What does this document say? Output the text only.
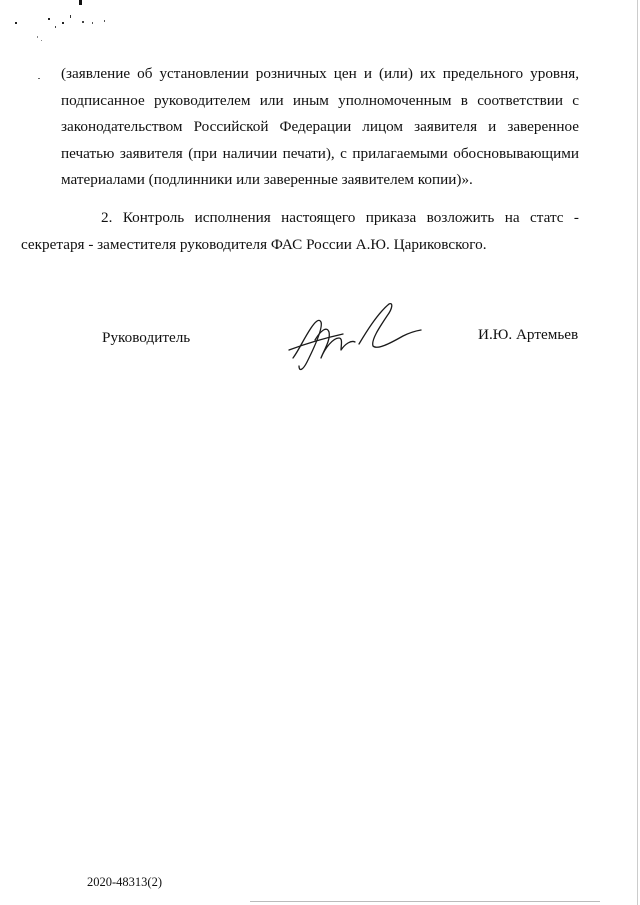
(заявление об установлении розничных цен и (или) их предельного уровня,
подписанное руководителем или иным уполномоченным в соответствии с
законодательством Российской Федерации лицом заявителя и заверенное
печатью заявителя (при наличии печати), с прилагаемыми обосновывающими
материалами (подлинники или заверенные заявителем копии)».
2. Контроль исполнения настоящего приказа возложить на статс -
секретаря - заместителя руководителя ФАС России А.Ю. Цариковского.
Руководитель	И.Ю. Артемьев
2020-48313(2)
